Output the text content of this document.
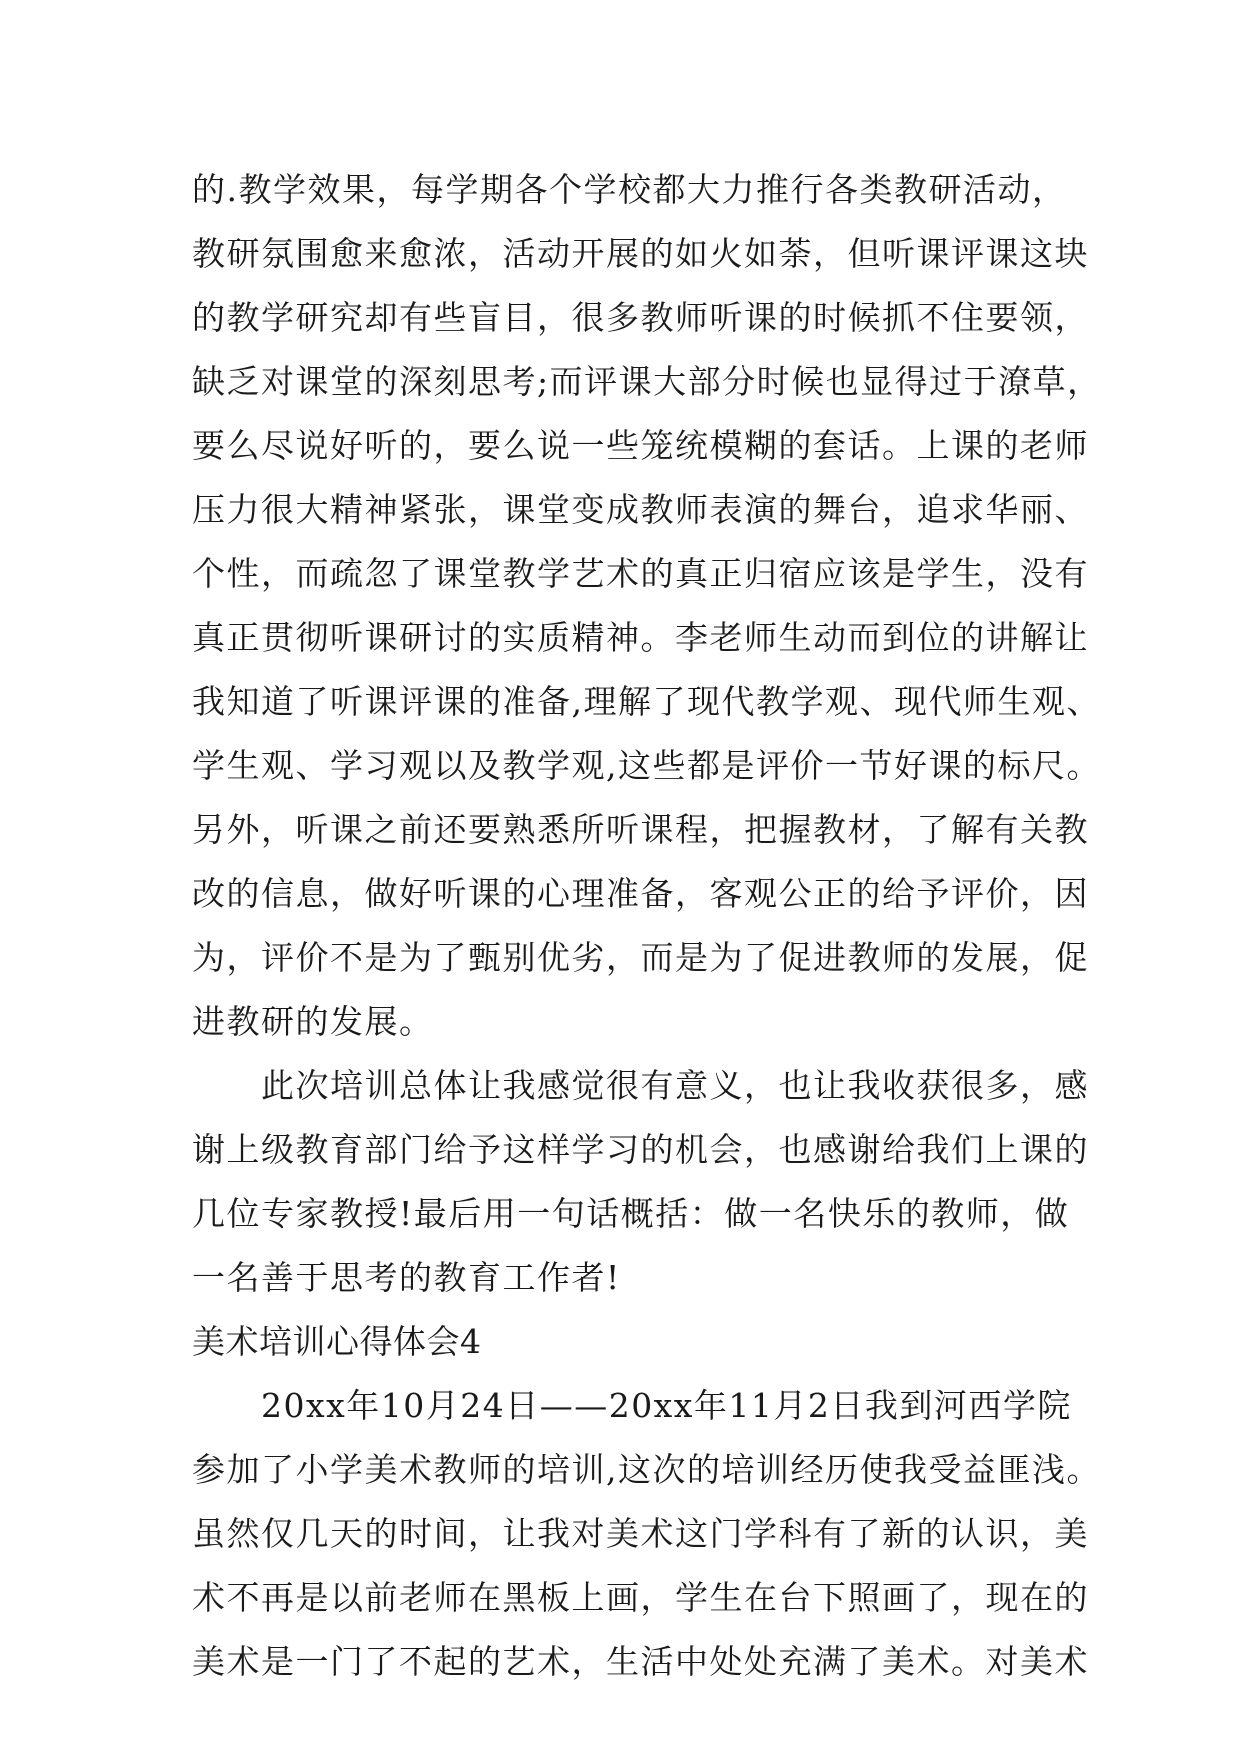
的.教学效果，每学期各个学校都大力推行各类教研活动，
教研氛围愈来愈浓，活动开展的如火如荼，但听课评课这块
的教学研究却有些盲目，很多教师听课的时候抓不住要领，
缺乏对课堂的深刻思考;而评课大部分时候也显得过于潦草，
要么尽说好听的，要么说一些笼统模糊的套话。上课的老师
压力很大精神紧张，课堂变成教师表演的舞台，追求华丽、
个性，而疏忽了课堂教学艺术的真正归宿应该是学生，没有
真正贯彻听课研讨的实质精神。李老师生动而到位的讲解让
我知道了听课评课的准备,理解了现代教学观、现代师生观、
学生观、学习观以及教学观,这些都是评价一节好课的标尺。
另外，听课之前还要熟悉所听课程，把握教材，了解有关教
改的信息，做好听课的心理准备，客观公正的给予评价，因
为，评价不是为了甄别优劣，而是为了促进教师的发展，促
进教研的发展。
　　此次培训总体让我感觉很有意义，也让我收获很多，感
谢上级教育部门给予这样学习的机会，也感谢给我们上课的
几位专家教授!最后用一句话概括：做一名快乐的教师，做
一名善于思考的教育工作者!
美术培训心得体会4
　　20xx年10月24日——20xx年11月2日我到河西学院
参加了小学美术教师的培训,这次的培训经历使我受益匪浅。
虽然仅几天的时间，让我对美术这门学科有了新的认识，美
术不再是以前老师在黑板上画，学生在台下照画了，现在的
美术是一门了不起的艺术，生活中处处充满了美术。对美术
